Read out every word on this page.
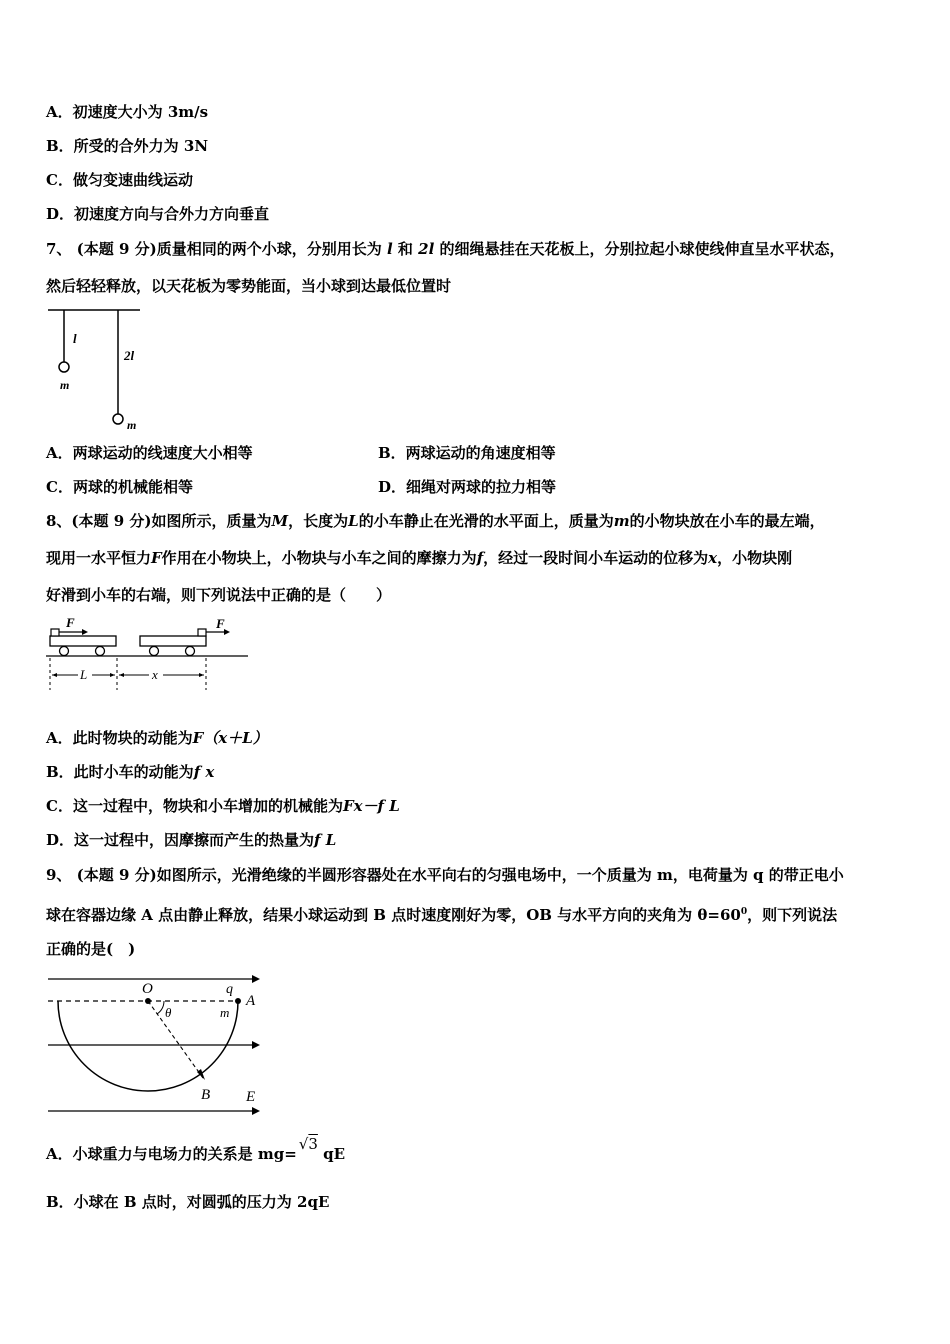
A．初速度大小为 3m/s
B．所受的合外力为 3N
C．做匀变速曲线运动
D．初速度方向与合外力方向垂直
7、 (本题 9 分)质量相同的两个小球，分别用长为 l 和 2l 的细绳悬挂在天花板上，分别拉起小球使线伸直呈水平状态，
然后轻轻释放，以天花板为零势能面，当小球到达最低位置时
l
2l
m
m
A．两球运动的线速度大小相等	B．两球运动的角速度相等
C．两球的机械能相等	D．细绳对两球的拉力相等
8、(本题 9 分)如图所示，质量为M，长度为L的小车静止在光滑的水平面上，质量为m的小物块放在小车的最左端，
现用一水平恒力F作用在小物块上，小物块与小车之间的摩擦力为f，经过一段时间小车运动的位移为x，小物块刚
好滑到小车的右端，则下列说法中正确的是（　　）
F	F
L	x
A．此时物块的动能为F（x＋L）
B．此时小车的动能为f x
C．这一过程中，物块和小车增加的机械能为Fx－f L
D．这一过程中，因摩擦而产生的热量为f L
9、 (本题 9 分)如图所示，光滑绝缘的半圆形容器处在水平向右的匀强电场中，一个质量为 m，电荷量为 q 的带正电小
球在容器边缘 A 点由静止释放，结果小球运动到 B 点时速度刚好为零，OB 与水平方向的夹角为 $\theta=60^0$，则下列说法
正确的是(　)
O	q
A
θ	m
B E
A．小球重力与电场力的关系是 mg=√3 qE
B．小球在 B 点时，对圆弧的压力为 2qE
